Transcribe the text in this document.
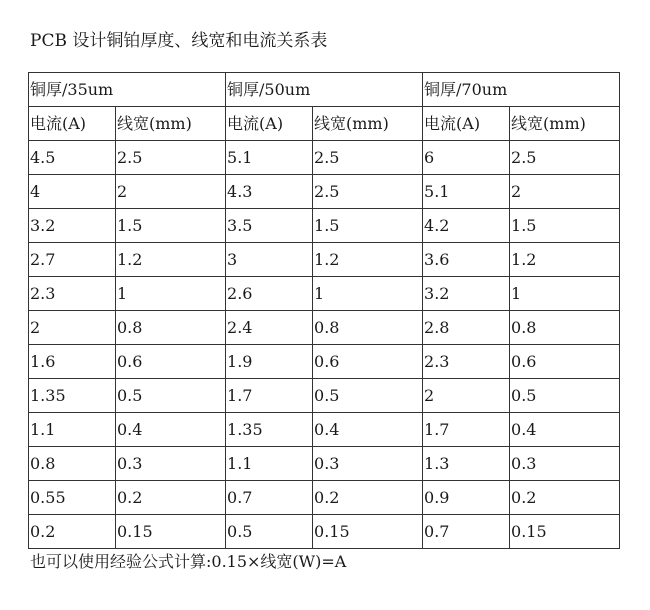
PCB 设计铜铂厚度、线宽和电流关系表
铜厚/35um		铜厚/50um		铜厚/70um	
电流(A)	线宽(mm)	电流(A)	线宽(mm)	电流(A)	线宽(mm)
4.5	2.5	5.1	2.5	6	2.5
4	2	4.3	2.5	5.1	2
3.2	1.5	3.5	1.5	4.2	1.5
2.7	1.2	3	1.2	3.6	1.2
2.3	1	2.6	1	3.2	1
2	0.8	2.4	0.8	2.8	0.8
1.6	0.6	1.9	0.6	2.3	0.6
1.35	0.5	1.7	0.5	2	0.5
1.1	0.4	1.35	0.4	1.7	0.4
0.8	0.3	1.1	0.3	1.3	0.3
0.55	0.2	0.7	0.2	0.9	0.2
0.2	0.15	0.5	0.15	0.7	0.15
也可以使用经验公式计算:0.15×线宽(W)=A
